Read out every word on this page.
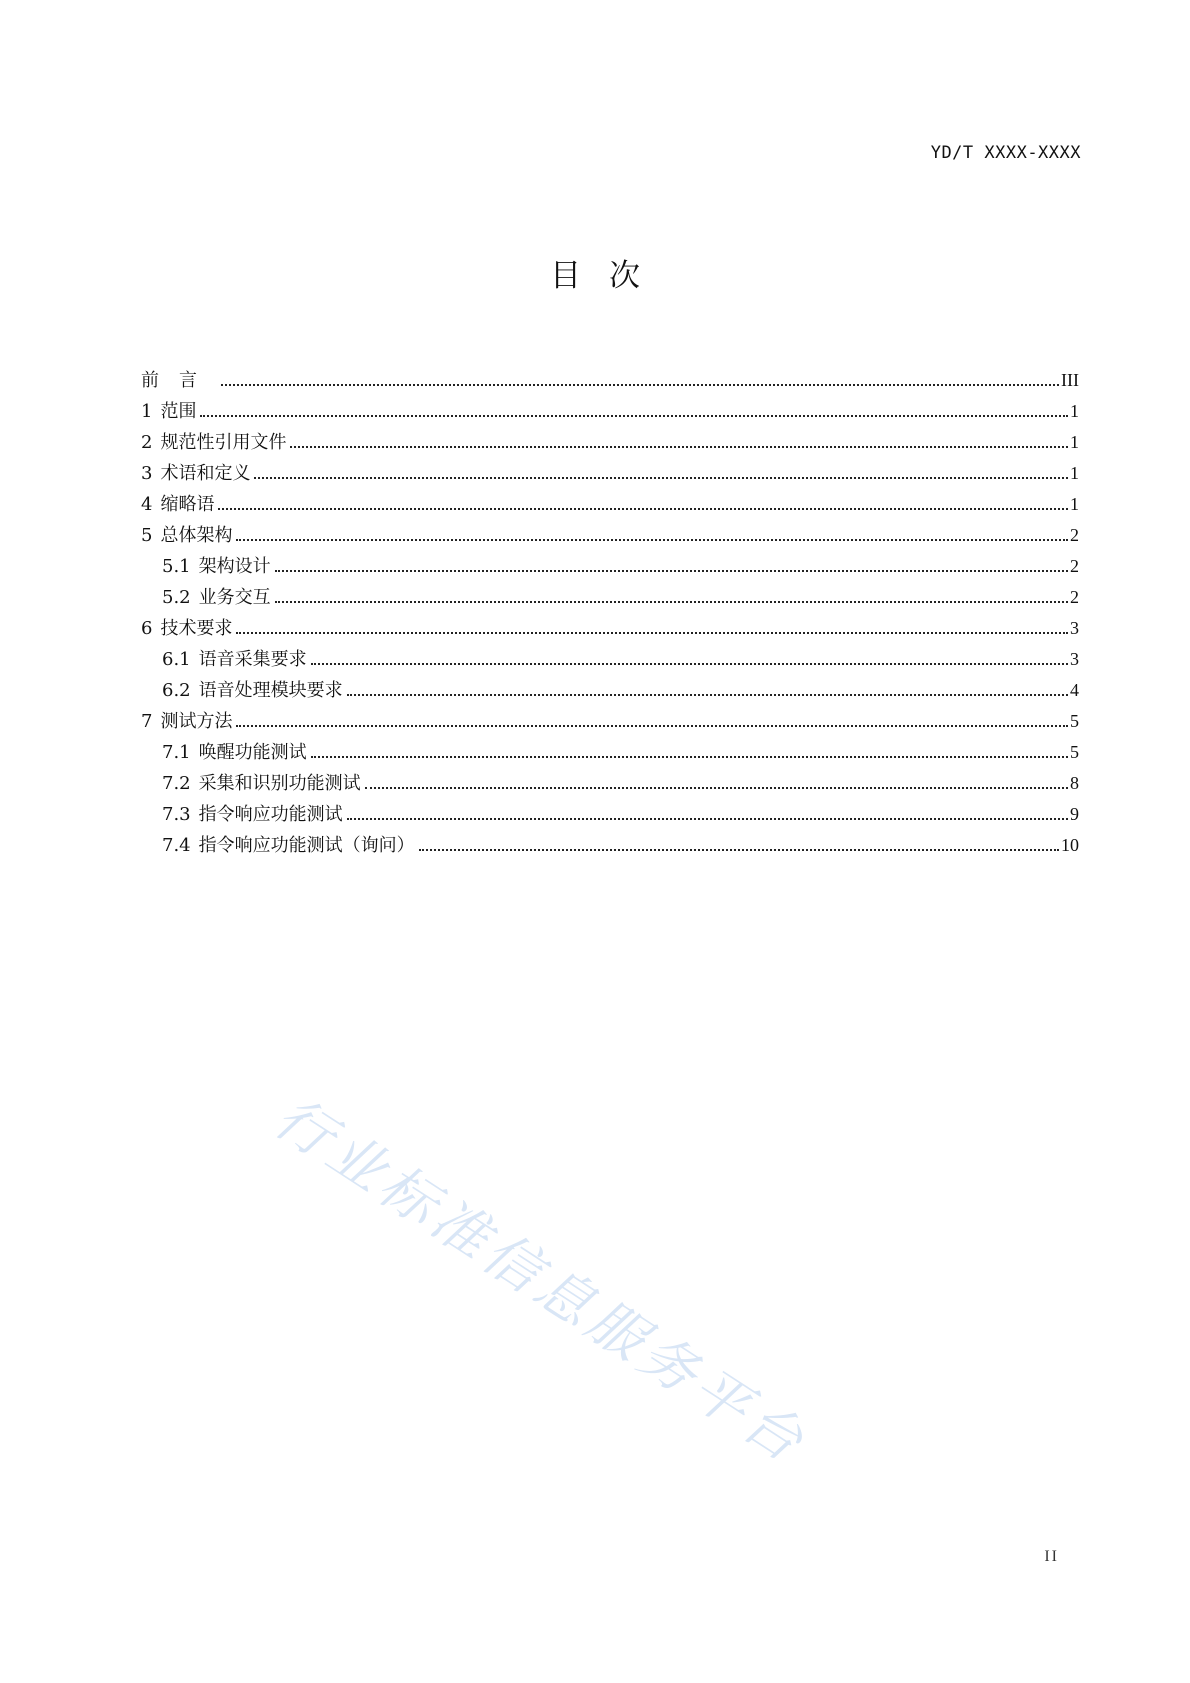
YD/T XXXX-XXXX
目次
前言	III
1 范围	1
2 规范性引用文件	1
3 术语和定义	1
4 缩略语	1
5 总体架构	2
5.1 架构设计	2
5.2 业务交互	2
6 技术要求	3
6.1 语音采集要求	3
6.2 语音处理模块要求	4
7 测试方法	5
7.1 唤醒功能测试	5
7.2 采集和识别功能测试	8
7.3 指令响应功能测试	9
7.4 指令响应功能测试（询问）	10
行业标准信息服务平台
II
